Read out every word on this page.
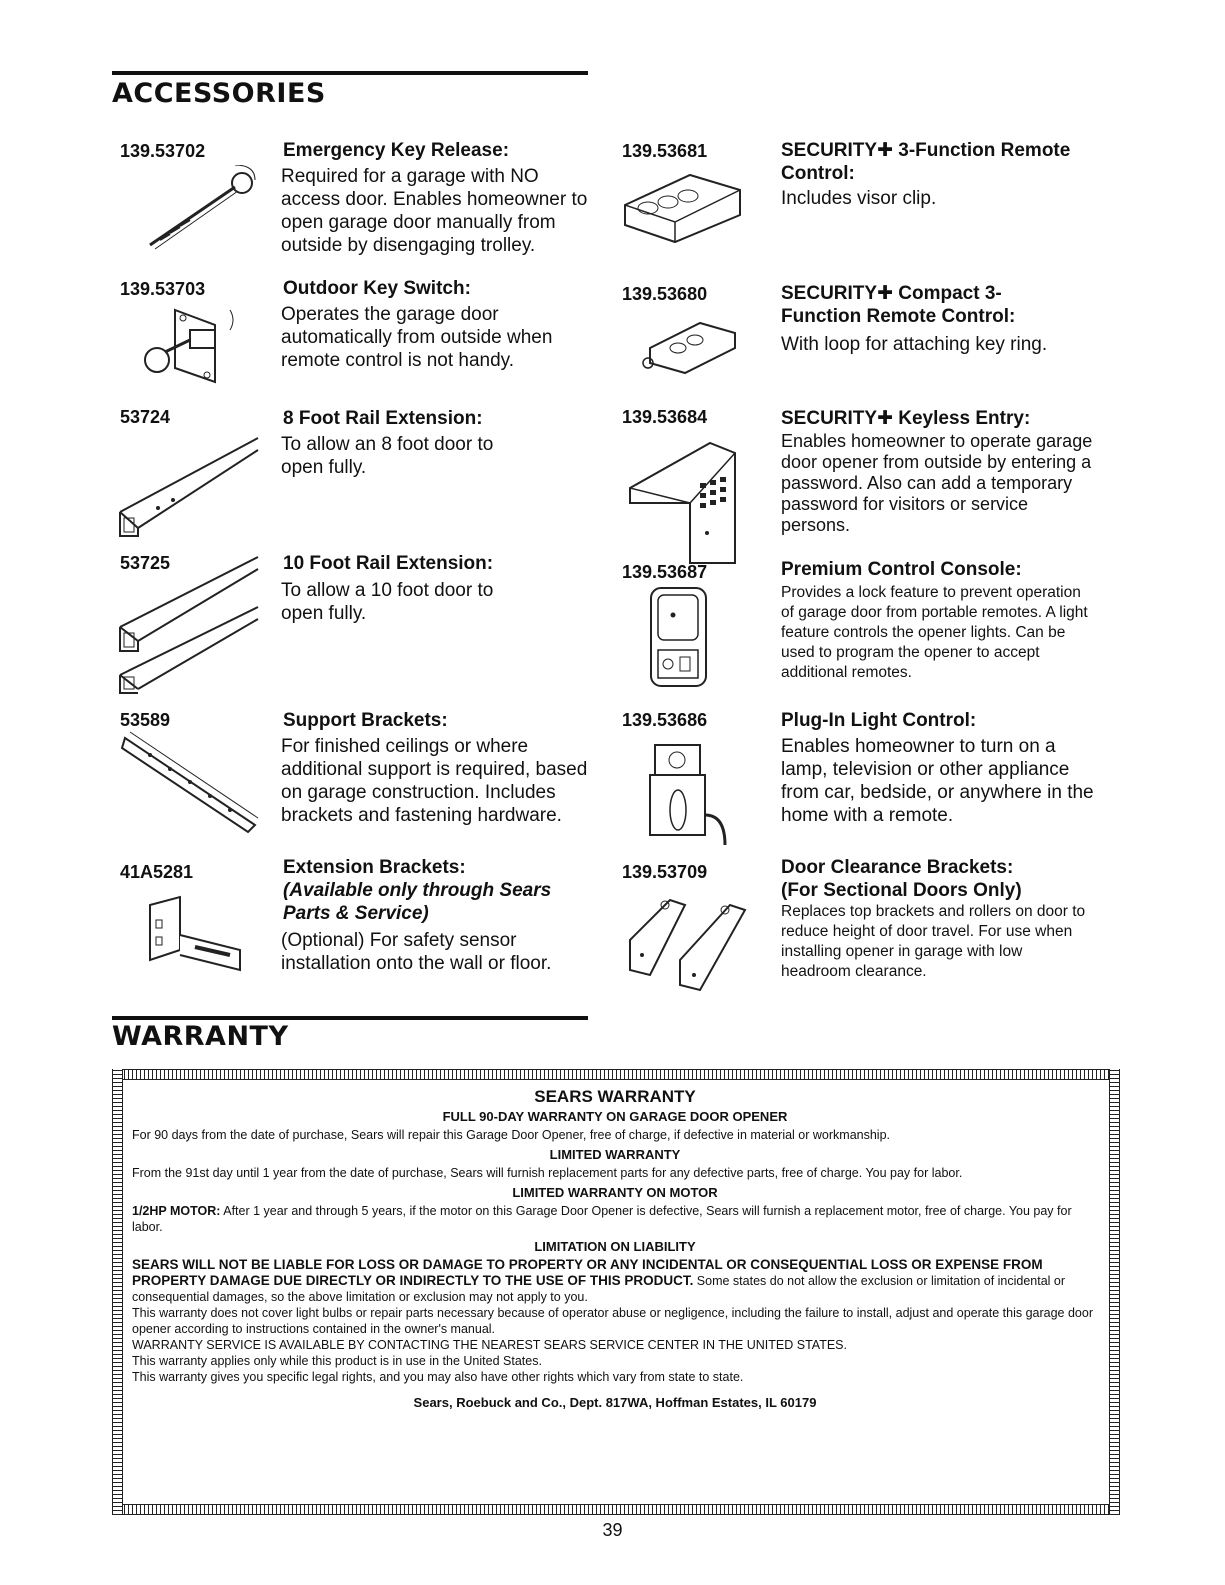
ACCESSORIES
139.53702	Emergency Key Release:
Required for a garage with NO access door. Enables homeowner to open garage door manually from outside by disengaging trolley.
139.53703	Outdoor Key Switch:
Operates the garage door automatically from outside when remote control is not handy.
53724	8 Foot Rail Extension:
To allow an 8 foot door to open fully.
53725	10 Foot Rail Extension:
To allow a 10 foot door to open fully.
53589	Support Brackets:
For finished ceilings or where additional support is required, based on garage construction. Includes brackets and fastening hardware.
41A5281	Extension Brackets:
(Available only through Sears Parts & Service)
(Optional) For safety sensor installation onto the wall or floor.
139.53681	SECURITY✚ 3-Function Remote Control:
Includes visor clip.
139.53680	SECURITY✚ Compact 3-Function Remote Control:
With loop for attaching key ring.
139.53684	SECURITY✚ Keyless Entry:
Enables homeowner to operate garage door opener from outside by entering a password. Also can add a temporary password for visitors or service persons.
139.53687	Premium Control Console:
Provides a lock feature to prevent operation of garage door from portable remotes. A light feature controls the opener lights. Can be used to program the opener to accept additional remotes.
139.53686	Plug-In Light Control:
Enables homeowner to turn on a lamp, television or other appliance from car, bedside, or anywhere in the home with a remote.
139.53709	Door Clearance Brackets:
(For Sectional Doors Only)
Replaces top brackets and rollers on door to reduce height of door travel. For use when installing opener in garage with low headroom clearance.
WARRANTY

SEARS WARRANTY

FULL 90-DAY WARRANTY ON GARAGE DOOR OPENER

For 90 days from the date of purchase, Sears will repair this Garage Door Opener, free of charge, if defective in material or workmanship.

LIMITED WARRANTY

From the 91st day until 1 year from the date of purchase, Sears will furnish replacement parts for any defective parts, free of charge. You pay for labor.

LIMITED WARRANTY ON MOTOR

1/2HP MOTOR: After 1 year and through 5 years, if the motor on this Garage Door Opener is defective, Sears will furnish a replacement motor, free of charge. You pay for labor.

LIMITATION ON LIABILITY

SEARS WILL NOT BE LIABLE FOR LOSS OR DAMAGE TO PROPERTY OR ANY INCIDENTAL OR CONSEQUENTIAL LOSS OR EXPENSE FROM PROPERTY DAMAGE DUE DIRECTLY OR INDIRECTLY TO THE USE OF THIS PRODUCT. Some states do not allow the exclusion or limitation of incidental or consequential damages, so the above limitation or exclusion may not apply to you.

This warranty does not cover light bulbs or repair parts necessary because of operator abuse or negligence, including the failure to install, adjust and operate this garage door opener according to instructions contained in the owner's manual.

WARRANTY SERVICE IS AVAILABLE BY CONTACTING THE NEAREST SEARS SERVICE CENTER IN THE UNITED STATES.

This warranty applies only while this product is in use in the United States.

This warranty gives you specific legal rights, and you may also have other rights which vary from state to state.

Sears, Roebuck and Co., Dept. 817WA, Hoffman Estates, IL 60179

39
